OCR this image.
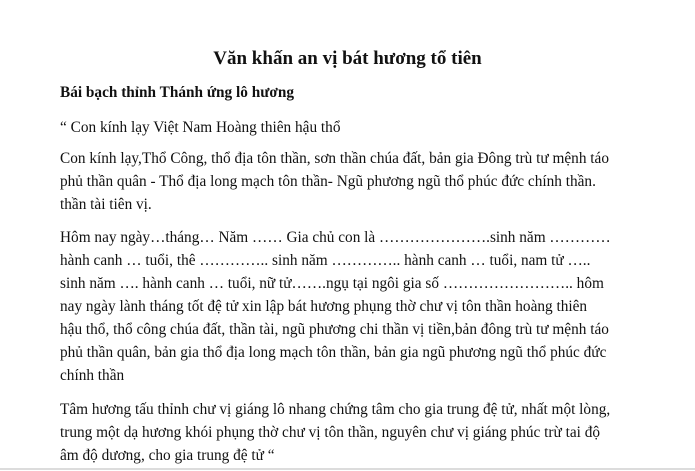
Văn khấn an vị bát hương tổ tiên
Bái bạch thỉnh Thánh ứng lô hương
“ Con kính lạy Việt Nam Hoàng thiên hậu thổ
Con kính lạy,Thổ Công, thổ địa tôn thần, sơn thần chúa đất, bản gia Đông trù tư mệnh táo
phủ thần quân - Thổ địa long mạch tôn thần- Ngũ phương ngũ thổ phúc đức chính thần.
thần tài tiên vị.
Hôm nay ngày…tháng… Năm …… Gia chủ con là ………………….sinh năm …………
hành canh … tuổi, thê ………….. sinh năm ………….. hành canh … tuổi, nam tử …..
sinh năm …. hành canh … tuổi, nữ tử…….ngụ tại ngôi gia số …………………….. hôm
nay ngày lành tháng tốt đệ tử xin lập bát hương phụng thờ chư vị tôn thần hoàng thiên
hậu thổ, thổ công chúa đất, thần tài, ngũ phương chi thần vị tiền,bản đông trù tư mệnh táo
phủ thần quân, bản gia thổ địa long mạch tôn thần, bản gia ngũ phương ngũ thổ phúc đức
chính thần
Tâm hương tấu thỉnh chư vị giáng lô nhang chứng tâm cho gia trung đệ tử, nhất một lòng,
trung một dạ hương khói phụng thờ chư vị tôn thần, nguyên chư vị giáng phúc trừ tai độ
âm độ dương, cho gia trung đệ tử “
